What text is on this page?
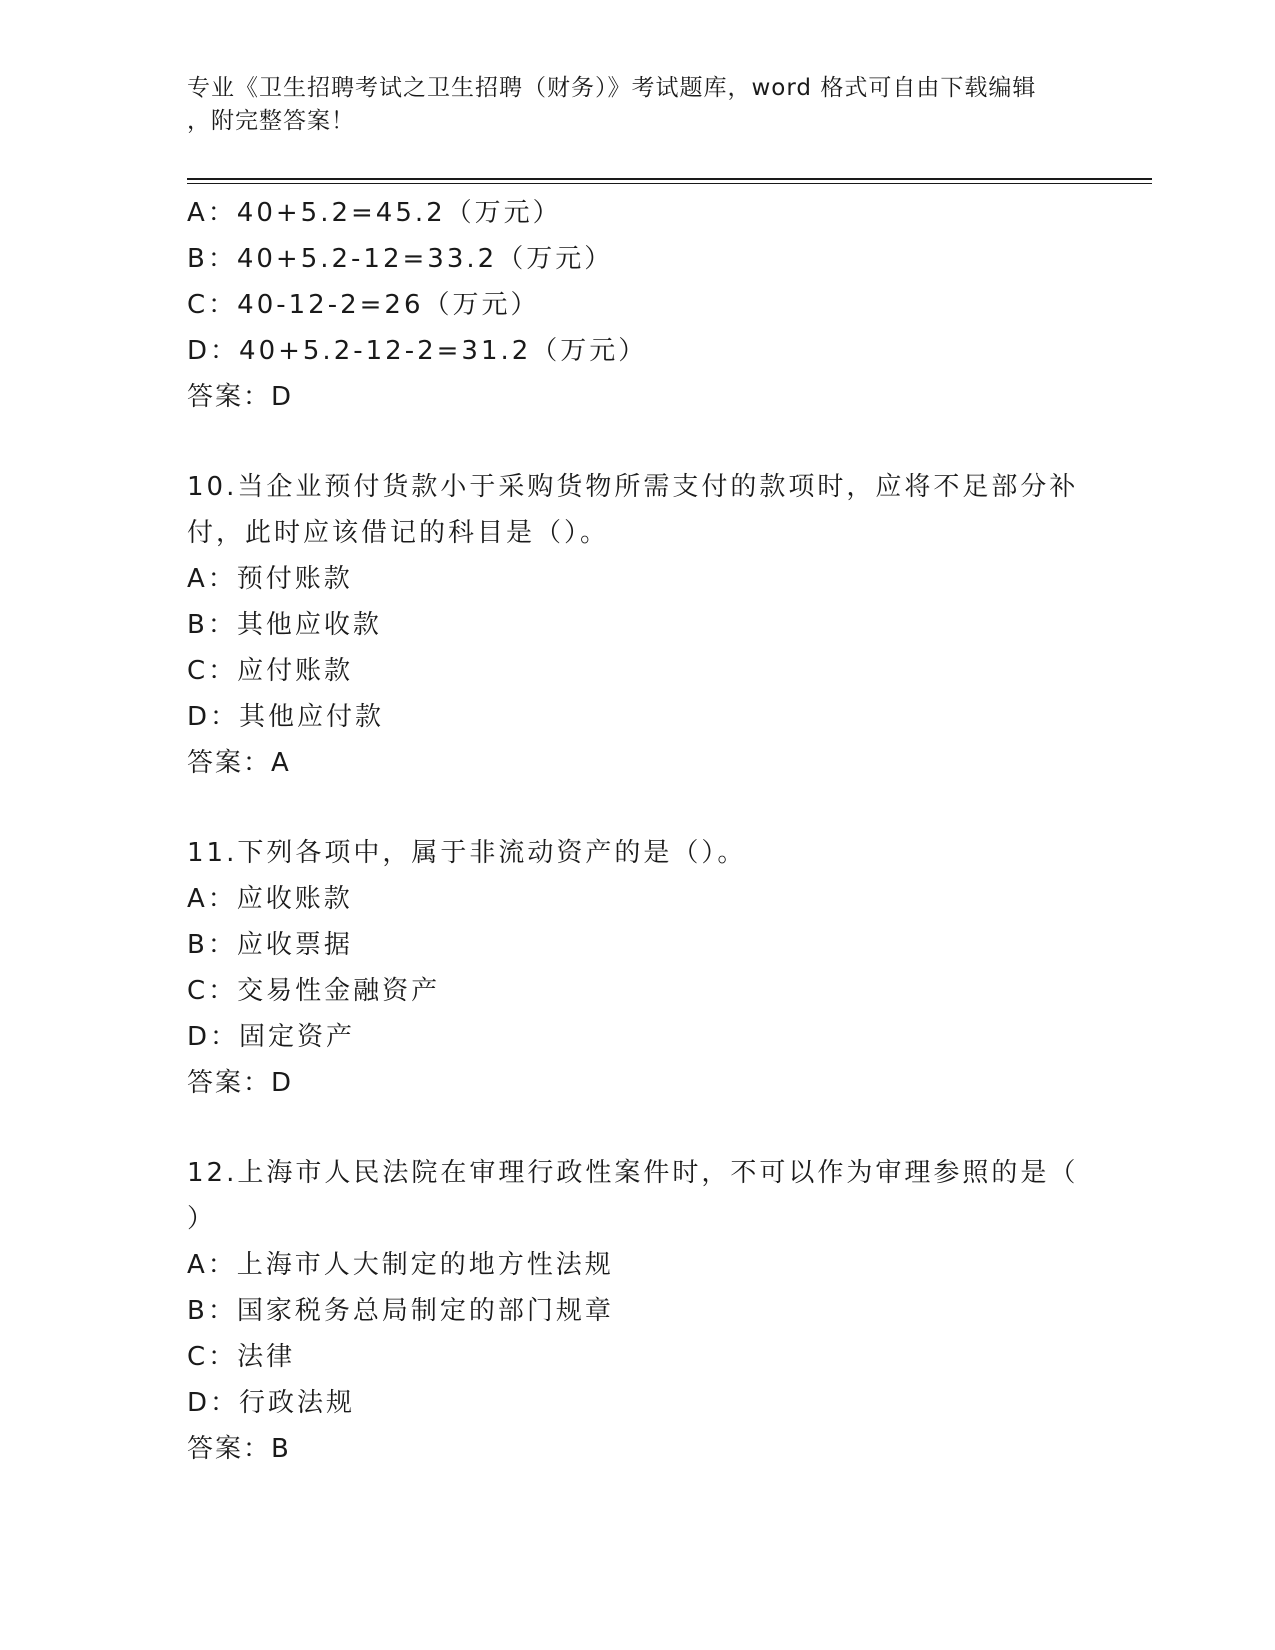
专业《卫生招聘考试之卫生招聘（财务）》考试题库，word 格式可自由下载编辑
，附完整答案！
A：40+5.2=45.2（万元）
B：40+5.2-12=33.2（万元）
C：40-12-2=26（万元）
D：40+5.2-12-2=31.2（万元）
答案：D
10.当企业预付货款小于采购货物所需支付的款项时，应将不足部分补
付，此时应该借记的科目是（）。
A：预付账款
B：其他应收款
C：应付账款
D：其他应付款
答案：A
11.下列各项中，属于非流动资产的是（）。
A：应收账款
B：应收票据
C：交易性金融资产
D：固定资产
答案：D
12.上海市人民法院在审理行政性案件时，不可以作为审理参照的是（
）
A：上海市人大制定的地方性法规
B：国家税务总局制定的部门规章
C：法律
D：行政法规
答案：B
